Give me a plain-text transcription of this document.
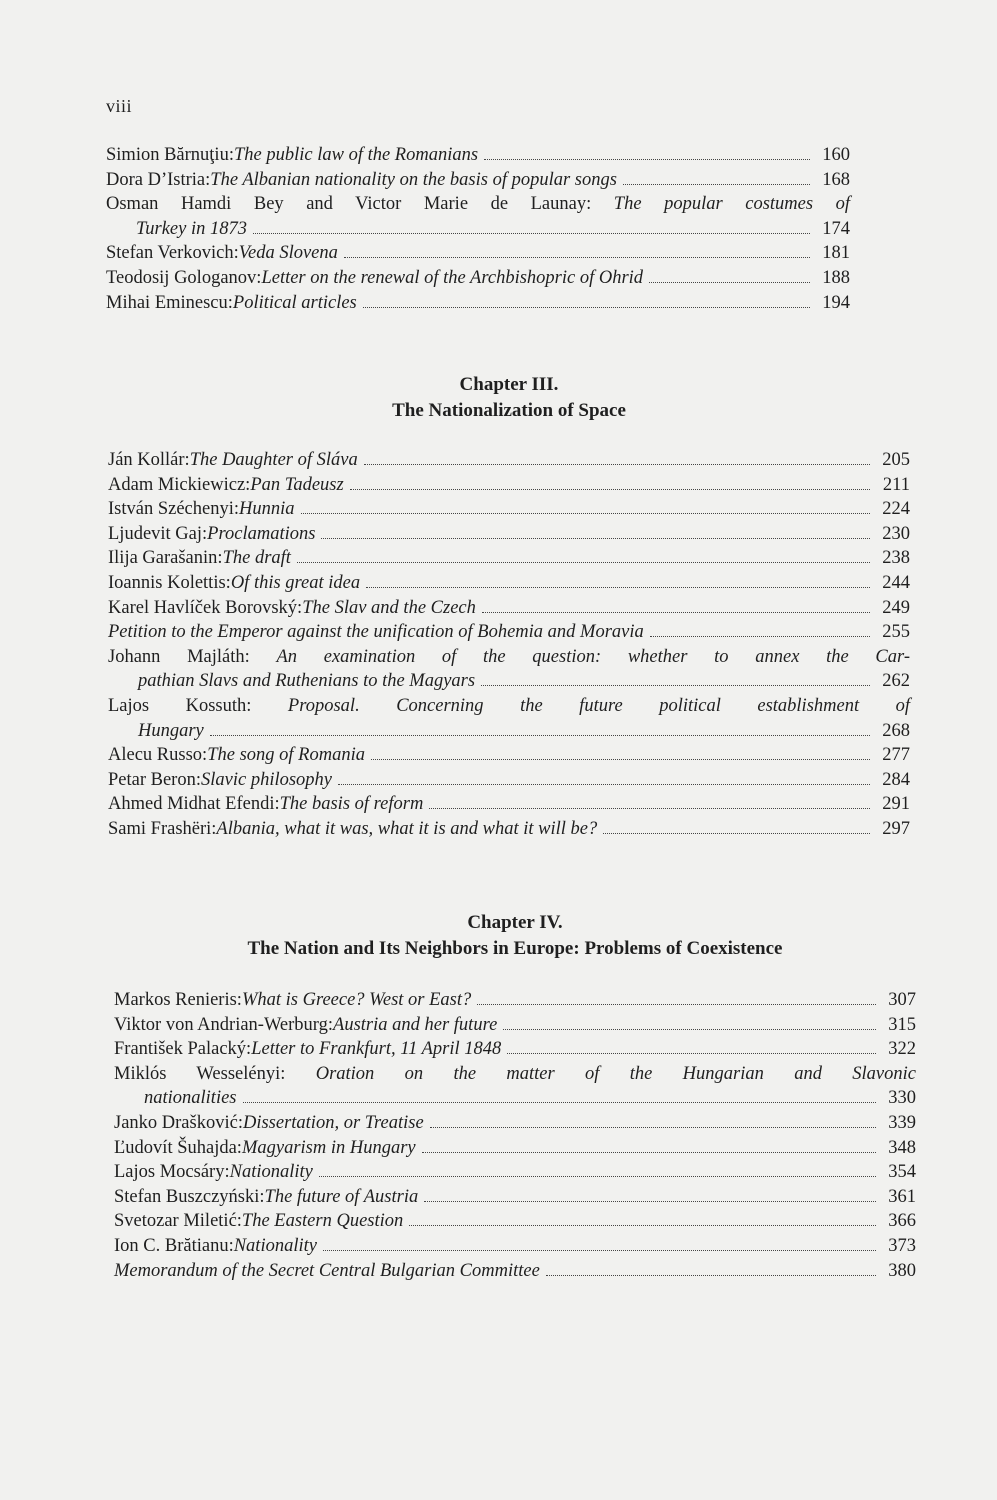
viii
Simion Bărnuţiu: The public law of the Romanians	160
Dora D’Istria: The Albanian nationality on the basis of popular songs	168
Osman Hamdi Bey and Victor Marie de Launay: The popular costumes of
Turkey in 1873	174
Stefan Verkovich: Veda Slovena	181
Teodosij Gologanov: Letter on the renewal of the Archbishopric of Ohrid	188
Mihai Eminescu: Political articles	194
Chapter III.
The Nationalization of Space
Ján Kollár: The Daughter of Sláva	205
Adam Mickiewicz: Pan Tadeusz	211
István Széchenyi: Hunnia	224
Ljudevit Gaj: Proclamations	230
Ilija Garašanin: The draft	238
Ioannis Kolettis: Of this great idea	244
Karel Havlíček Borovský: The Slav and the Czech	249
Petition to the Emperor against the unification of Bohemia and Moravia	255
Johann Majláth: An examination of the question: whether to annex the Car-
pathian Slavs and Ruthenians to the Magyars	262
Lajos Kossuth: Proposal. Concerning the future political establishment of
Hungary	268
Alecu Russo: The song of Romania	277
Petar Beron: Slavic philosophy	284
Ahmed Midhat Efendi: The basis of reform	291
Sami Frashëri: Albania, what it was, what it is and what it will be?	297
Chapter IV.
The Nation and Its Neighbors in Europe: Problems of Coexistence
Markos Renieris: What is Greece? West or East?	307
Viktor von Andrian-Werburg: Austria and her future	315
František Palacký: Letter to Frankfurt, 11 April 1848	322
Miklós Wesselényi: Oration on the matter of the Hungarian and Slavonic
nationalities	330
Janko Drašković: Dissertation, or Treatise	339
Ľudovít Šuhajda: Magyarism in Hungary	348
Lajos Mocsáry: Nationality	354
Stefan Buszczyński: The future of Austria	361
Svetozar Miletić: The Eastern Question	366
Ion C. Brătianu: Nationality	373
Memorandum of the Secret Central Bulgarian Committee	380
